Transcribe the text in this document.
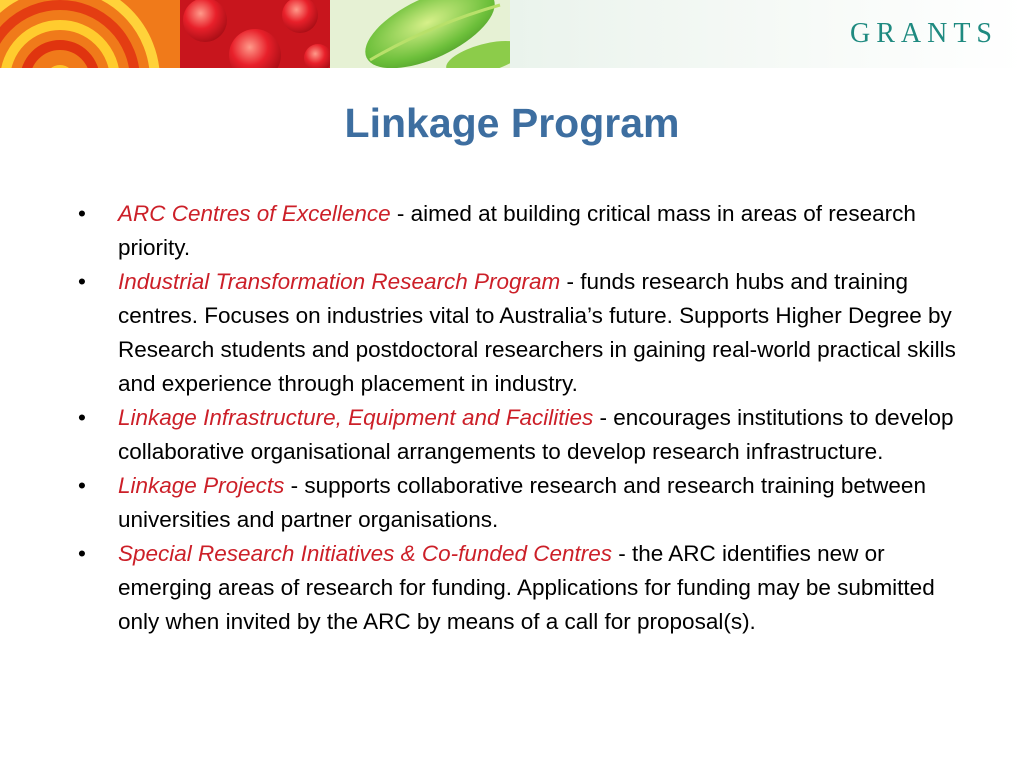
GRANTS

Linkage Program
• ARC Centres of Excellence - aimed at building critical mass in areas of research priority.
• Industrial Transformation Research Program - funds research hubs and training centres. Focuses on industries vital to Australia’s future. Supports Higher Degree by Research students and postdoctoral researchers in gaining real-world practical skills and experience through placement in industry.
• Linkage Infrastructure, Equipment and Facilities - encourages institutions to develop collaborative organisational arrangements to develop research infrastructure.
• Linkage Projects - supports collaborative research and research training between universities and partner organisations.
• Special Research Initiatives & Co-funded Centres - the ARC identifies new or emerging areas of research for funding. Applications for funding may be submitted only when invited by the ARC by means of a call for proposal(s).
